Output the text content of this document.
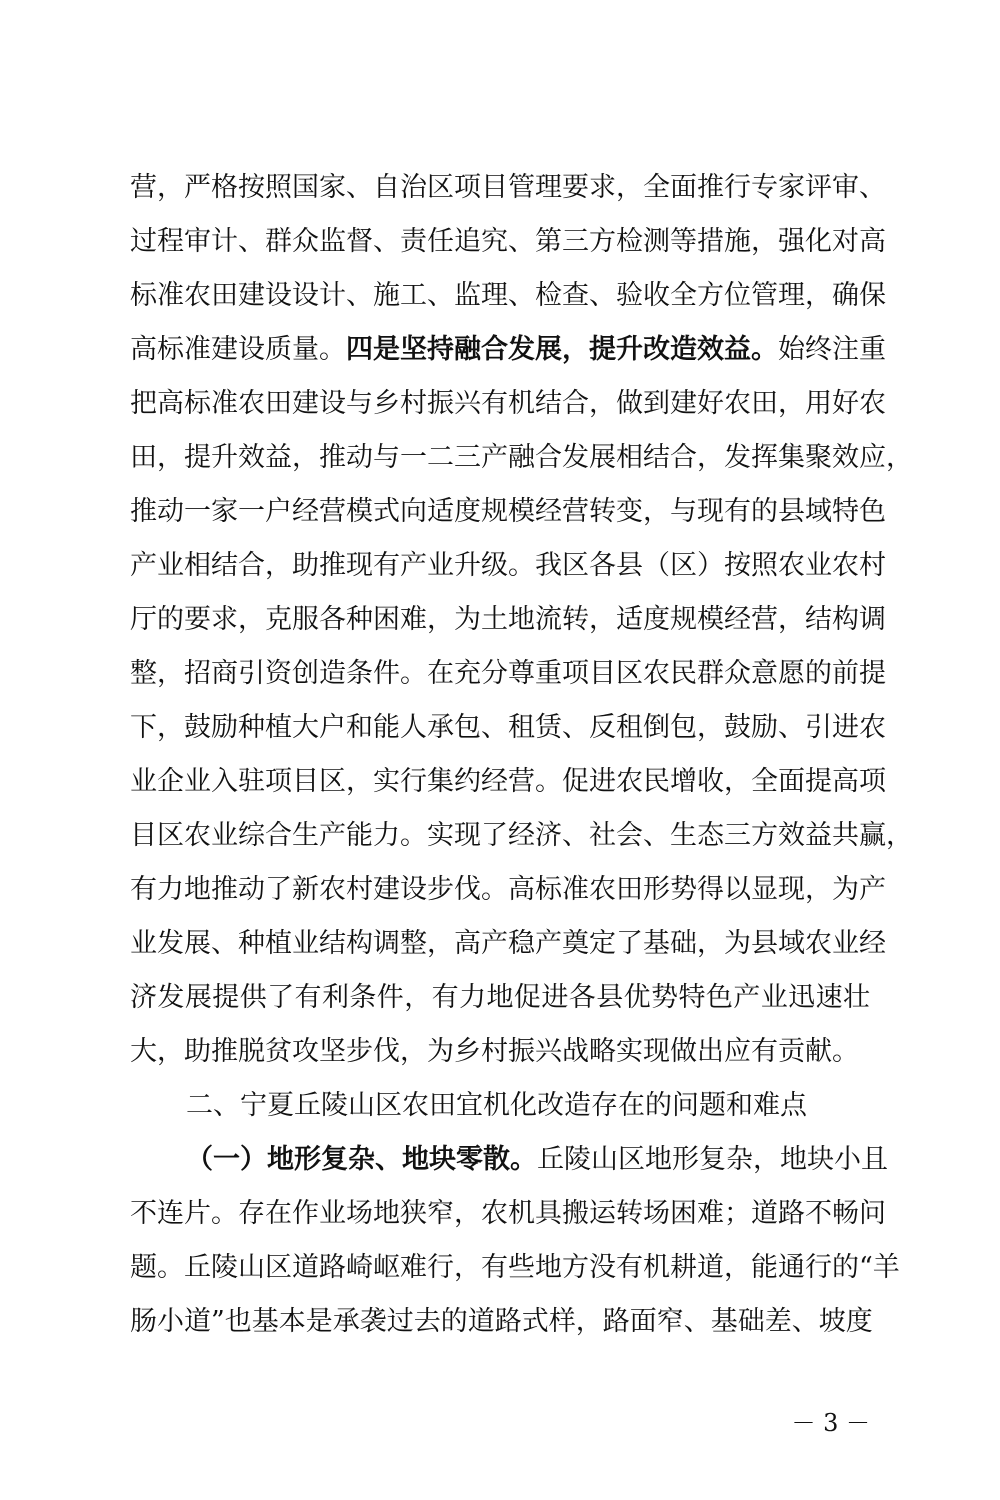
营，严格按照国家、自治区项目管理要求，全面推行专家评审、
过程审计、群众监督、责任追究、第三方检测等措施，强化对高
标准农田建设设计、施工、监理、检查、验收全方位管理，确保
高标准建设质量。四是坚持融合发展，提升改造效益。始终注重
把高标准农田建设与乡村振兴有机结合，做到建好农田，用好农
田，提升效益，推动与一二三产融合发展相结合，发挥集聚效应，
推动一家一户经营模式向适度规模经营转变，与现有的县域特色
产业相结合，助推现有产业升级。我区各县（区）按照农业农村
厅的要求，克服各种困难，为土地流转，适度规模经营，结构调
整，招商引资创造条件。在充分尊重项目区农民群众意愿的前提
下，鼓励种植大户和能人承包、租赁、反租倒包，鼓励、引进农
业企业入驻项目区，实行集约经营。促进农民增收，全面提高项
目区农业综合生产能力。实现了经济、社会、生态三方效益共赢，
有力地推动了新农村建设步伐。高标准农田形势得以显现，为产
业发展、种植业结构调整，高产稳产奠定了基础，为县域农业经
济发展提供了有利条件，有力地促进各县优势特色产业迅速壮
大，助推脱贫攻坚步伐，为乡村振兴战略实现做出应有贡献。
二、宁夏丘陵山区农田宜机化改造存在的问题和难点
（一）地形复杂、地块零散。丘陵山区地形复杂，地块小且
不连片。存在作业场地狭窄，农机具搬运转场困难；道路不畅问
题。丘陵山区道路崎岖难行，有些地方没有机耕道，能通行的“羊
肠小道”也基本是承袭过去的道路式样，路面窄、基础差、坡度
－ 3 －
